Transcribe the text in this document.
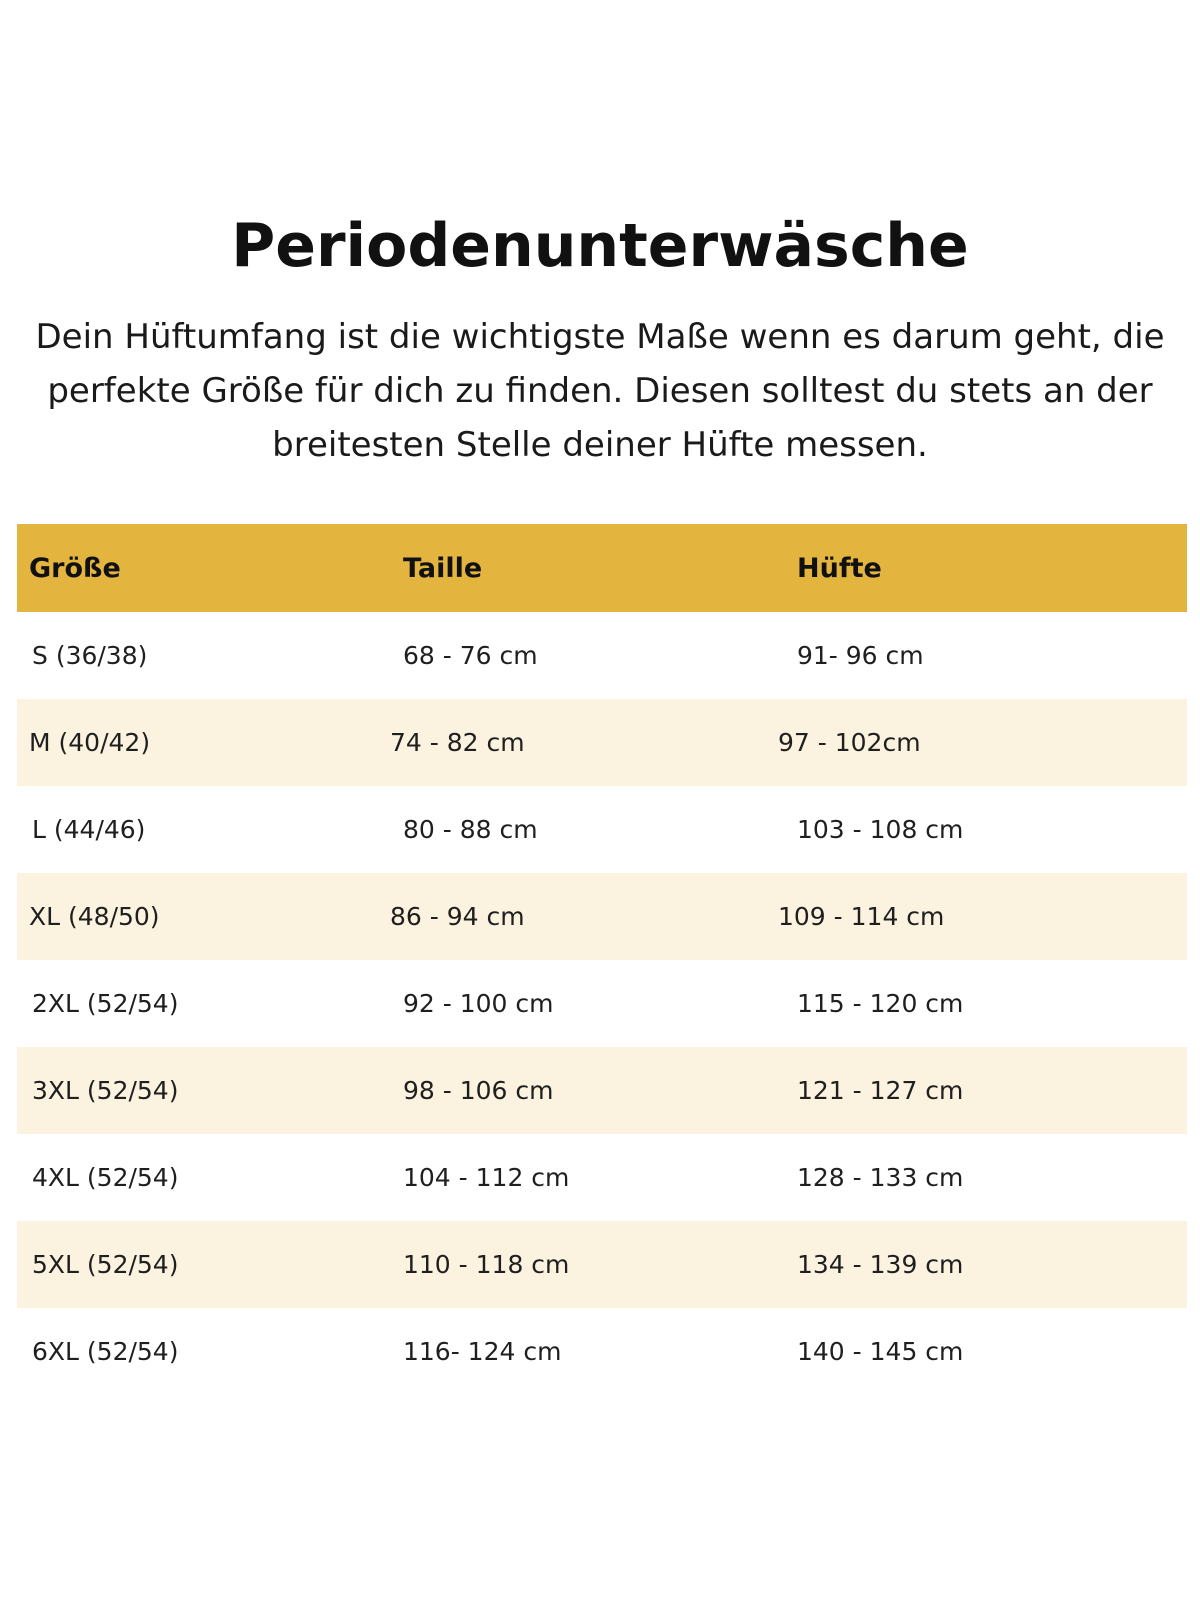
Periodenunterwäsche

Dein Hüftumfang ist die wichtigste Maße wenn es darum geht, die perfekte Größe für dich zu finden. Diesen solltest du stets an der breitesten Stelle deiner Hüfte messen.

Größe	Taille	Hüfte
S (36/38)	68 - 76 cm	91- 96 cm
M (40/42)	74 - 82 cm	97 - 102cm
L (44/46)	80 - 88 cm	103 - 108 cm
XL (48/50)	86 - 94 cm	109 - 114 cm
2XL (52/54)	92 - 100 cm	115 - 120 cm
3XL (52/54)	98 - 106 cm	121 - 127 cm
4XL (52/54)	104 - 112 cm	128 - 133 cm
5XL (52/54)	110 - 118 cm	134 - 139 cm
6XL (52/54)	116- 124 cm	140 - 145 cm
